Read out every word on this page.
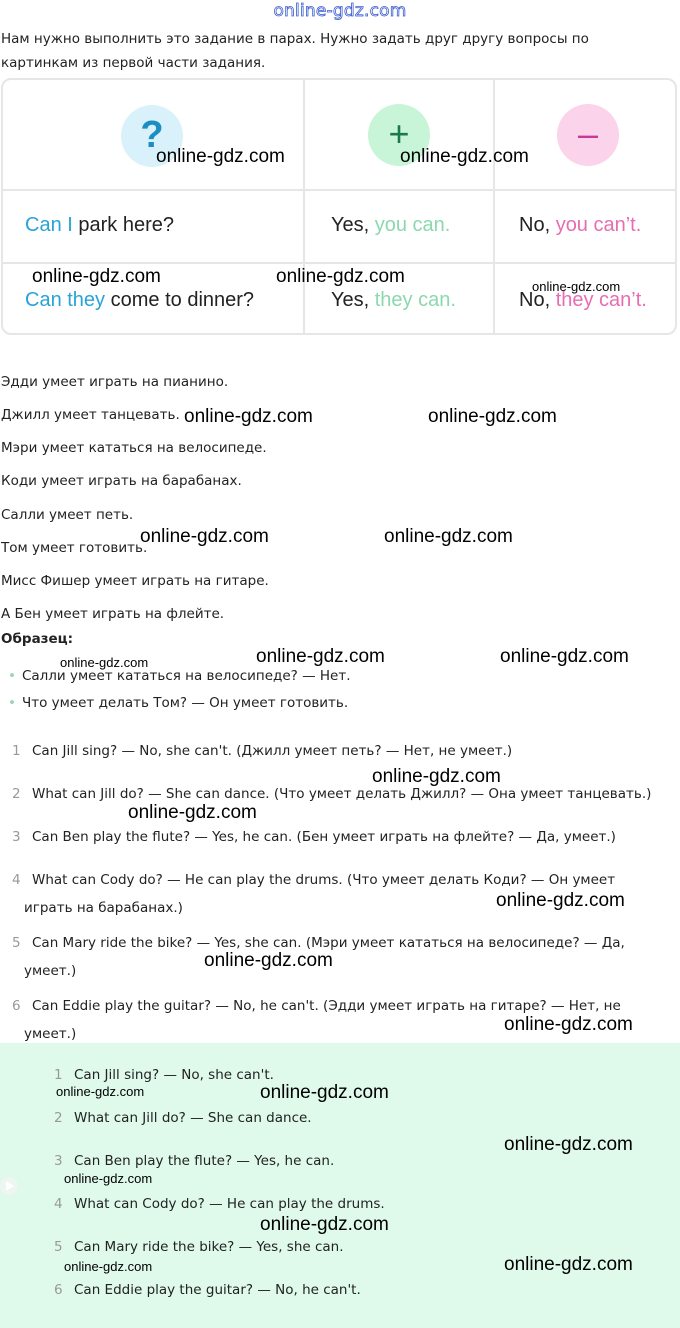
online-gdz.com
Нам нужно выполнить это задание в парах. Нужно задать друг другу вопросы по
картинкам из первой части задания.
?	+	–
Can I park here?	Yes, you can.	No, you can’t.
Can they come to dinner?	Yes, they can.	No, they can’t.
Эдди умеет играть на пианино.
Джилл умеет танцевать.
Мэри умеет кататься на велосипеде.
Коди умеет играть на барабанах.
Салли умеет петь.
Том умеет готовить.
Мисс Фишер умеет играть на гитаре.
А Бен умеет играть на флейте.
Образец:
• Салли умеет кататься на велосипеде? — Нет.
• Что умеет делать Том? — Он умеет готовить.
1 Can Jill sing? — No, she can't. (Джилл умеет петь? — Нет, не умеет.)
2 What can Jill do? — She can dance. (Что умеет делать Джилл? — Она умеет танцевать.)
3 Can Ben play the flute? — Yes, he can. (Бен умеет играть на флейте? — Да, умеет.)
4 What can Cody do? — He can play the drums. (Что умеет делать Коди? — Он умеет
играть на барабанах.)
5 Can Mary ride the bike? — Yes, she can. (Мэри умеет кататься на велосипеде? — Да,
умеет.)
6 Can Eddie play the guitar? — No, he can't. (Эдди умеет играть на гитаре? — Нет, не
умеет.)
1 Can Jill sing? — No, she can't.
2 What can Jill do? — She can dance.
3 Can Ben play the flute? — Yes, he can.
4 What can Cody do? — He can play the drums.
5 Can Mary ride the bike? — Yes, she can.
6 Can Eddie play the guitar? — No, he can't.
online-gdz.com	online-gdz.com
online-gdz.com	online-gdz.com	online-gdz.com
online-gdz.com	online-gdz.com
online-gdz.com	online-gdz.com
online-gdz.com	online-gdz.com
online-gdz.com
online-gdz.com
online-gdz.com
online-gdz.com
online-gdz.com
online-gdz.com
online-gdz.com
online-gdz.com
online-gdz.com
online-gdz.com
online-gdz.com
online-gdz.com	online-gdz.com
